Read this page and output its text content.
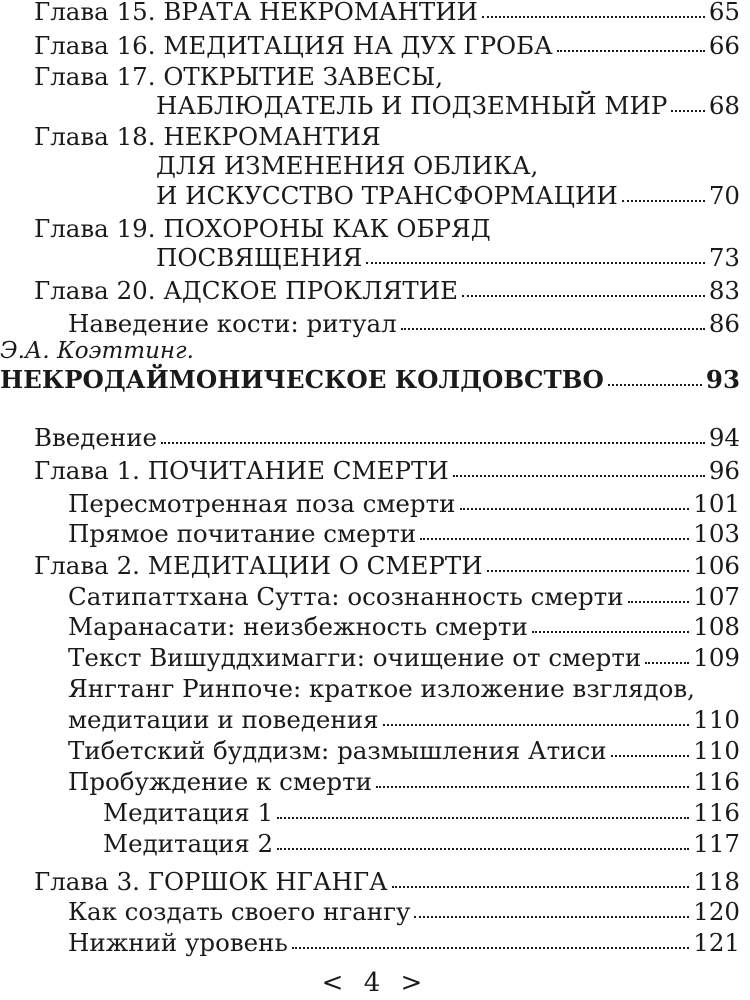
Глава 15. ВРАТА НЕКРОМАНТИИ	65
Глава 16. МЕДИТАЦИЯ НА ДУХ ГРОБА	66
Глава 17. ОТКРЫТИЕ ЗАВЕСЫ,
НАБЛЮДАТЕЛЬ И ПОДЗЕМНЫЙ МИР 68
Глава 18. НЕКРОМАНТИЯ
ДЛЯ ИЗМЕНЕНИЯ ОБЛИКА,
И ИСКУССТВО ТРАНСФОРМАЦИИ	70
Глава 19. ПОХОРОНЫ КАК ОБРЯД
ПОСВЯЩЕНИЯ	73
Глава 20. АДСКОЕ ПРОКЛЯТИЕ	83
Наведение кости: ритуал	86
Э.А. Коэттинг.
НЕКРОДАЙМОНИЧЕСКОЕ КОЛДОВСТВО	93
Введение	94
Глава 1. ПОЧИТАНИЕ СМЕРТИ	96
Пересмотренная поза смерти	101
Прямое почитание смерти	103
Глава 2. МЕДИТАЦИИ О СМЕРТИ	106
Сатипаттхана Сутта: осознанность смерти	107
Маранасати: неизбежность смерти	108
Текст Вишуддхимагги: очищение от смерти 109
Янгтанг Ринпоче: краткое изложение взглядов,
медитации и поведения	110
Тибетский буддизм: размышления Атиси	110
Пробуждение к смерти	116
Медитация 1	116
Медитация 2	117
Глава 3. ГОРШОК НГАНГА	118
Как создать своего нгангу	120
Нижний уровень	121
< 4 >
